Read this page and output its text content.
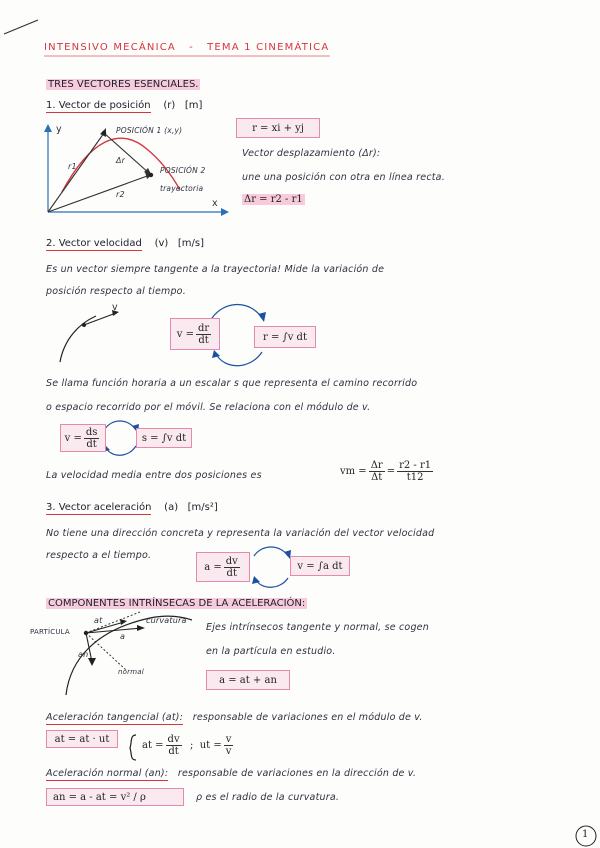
INTENSIVO MECÁNICA - TEMA 1 CINEMÁTICA
TRES VECTORES ESENCIALES.
1. Vector de posición (r) [m]
y
x
POSICIÓN 1 (x,y)
Δr
r1
r2
POSICIÓN 2
trayectoria
r = xi + yj
Vector desplazamiento (Δr):
une una posición con otra en línea recta.
Δr = r2 - r1
2. Vector velocidad (v) [m/s]
Es un vector siempre tangente a la trayectoria! Mide la variación de
posición respecto al tiempo.
v
$v = \frac{dr}{dt}$	r = ∫v dt
Se llama función horaria a un escalar s que representa el camino recorrido
o espacio recorrido por el móvil. Se relaciona con el módulo de v.
$v = \frac{ds}{dt}$	s = ∫v dt
La velocidad media entre dos posiciones es	vm = $\frac{\Delta r}{\Delta t} = \frac{r2 - r1}{t12}$
3. Vector aceleración (a) [m/s²]
No tiene una dirección concreta y representa la variación del vector velocidad
respecto a el tiempo.
$a = \frac{dv}{dt}$	v = ∫a dt
COMPONENTES INTRÍNSECAS DE LA ACELERACIÓN:
PARTÍCULA
at	curvatura
a
an
normal
Ejes intrínsecos tangente y normal, se cogen
en la partícula en estudio.
a = at + an
Aceleración tangencial (at): responsable de variaciones en el módulo de v.
at = at · ut
at = $\frac{dv}{dt}$
;
ut = $\frac{v}{v}$
Aceleración normal (an): responsable de variaciones en la dirección de v.
an = a - at = v² / ρ	ρ es el radio de la curvatura.
1
